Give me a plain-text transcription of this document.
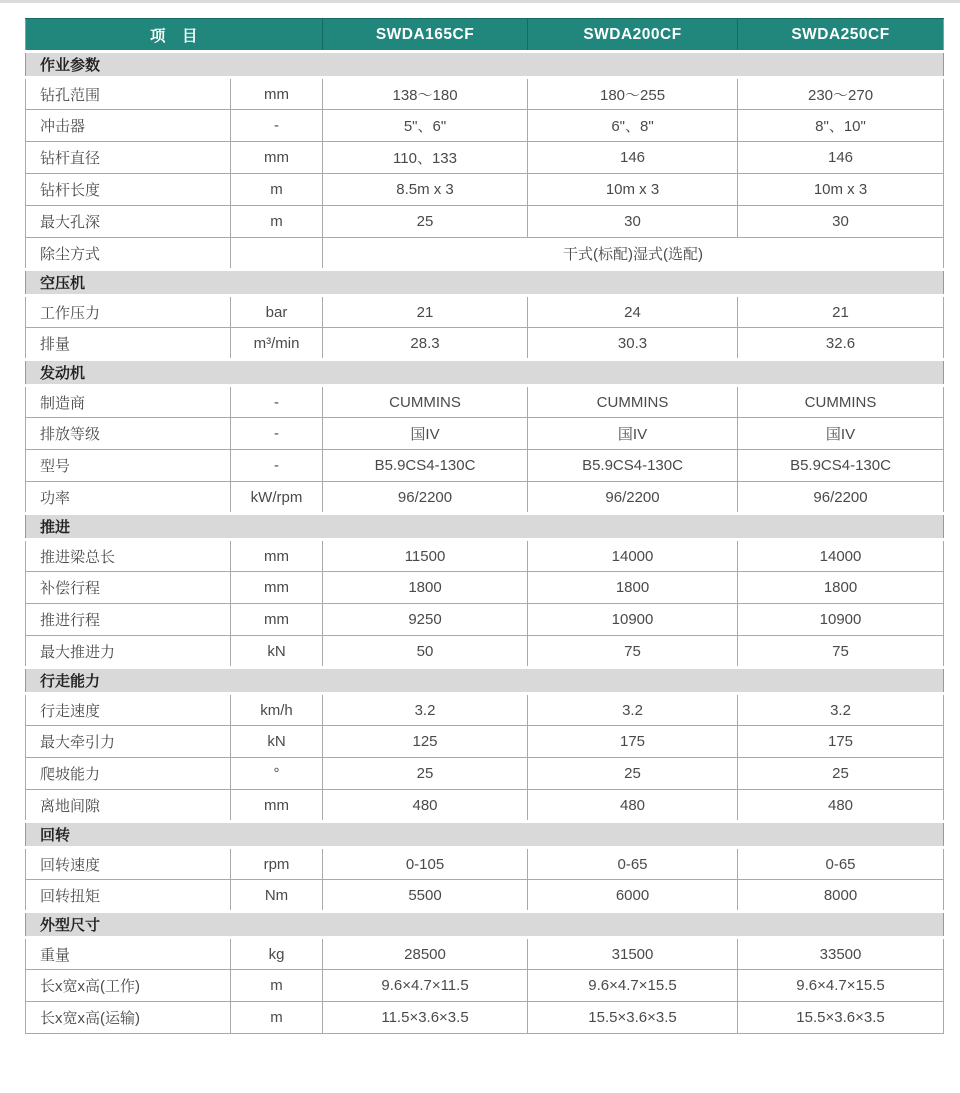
项　目		SWDA165CF	SWDA200CF	SWDA250CF
作业参数				
钻孔范围	mm	138～180	180～255	230～270
冲击器	-	5"、6"	6"、8"	8"、10"
钻杆直径	mm	110、133	146	146
钻杆长度	m	8.5m x 3	10m x 3	10m x 3
最大孔深	m	25	30	30
除尘方式		干式(标配)湿式(选配)		
空压机				
工作压力	bar	21	24	21
排量	m³/min	28.3	30.3	32.6
发动机				
制造商	-	CUMMINS	CUMMINS	CUMMINS
排放等级	-	国IV	国IV	国IV
型号	-	B5.9CS4-130C	B5.9CS4-130C	B5.9CS4-130C
功率	kW/rpm	96/2200	96/2200	96/2200
推进				
推进梁总长	mm	11500	14000	14000
补偿行程	mm	1800	1800	1800
推进行程	mm	9250	10900	10900
最大推进力	kN	50	75	75
行走能力				
行走速度	km/h	3.2	3.2	3.2
最大牵引力	kN	125	175	175
爬坡能力	°	25	25	25
离地间隙	mm	480	480	480
回转				
回转速度	rpm	0-105	0-65	0-65
回转扭矩	Nm	5500	6000	8000
外型尺寸				
重量	kg	28500	31500	33500
长x宽x高(工作)	m	9.6×4.7×11.5	9.6×4.7×15.5	9.6×4.7×15.5
长x宽x高(运输)	m	11.5×3.6×3.5	15.5×3.6×3.5	15.5×3.6×3.5
